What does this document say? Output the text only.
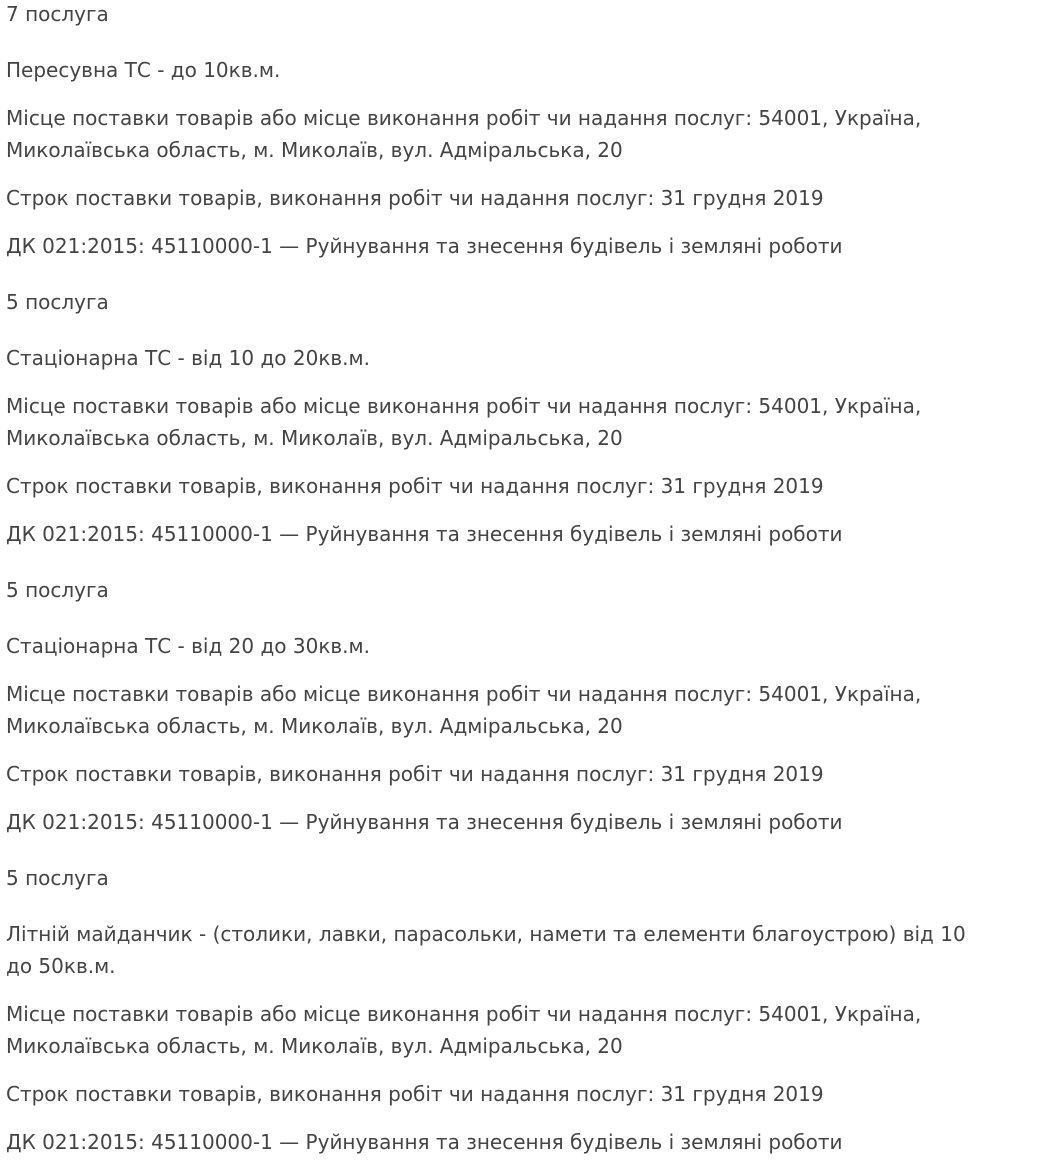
7 послуга

Пересувна ТС - до 10кв.м.

Місце поставки товарів або місце виконання робіт чи надання послуг: 54001, Україна, Миколаївська область, м. Миколаїв, вул. Адміральська, 20

Строк поставки товарів, виконання робіт чи надання послуг: 31 грудня 2019

ДК 021:2015: 45110000-1 — Руйнування та знесення будівель і земляні роботи

5 послуга

Стаціонарна ТС - від 10 до 20кв.м.

Місце поставки товарів або місце виконання робіт чи надання послуг: 54001, Україна, Миколаївська область, м. Миколаїв, вул. Адміральська, 20

Строк поставки товарів, виконання робіт чи надання послуг: 31 грудня 2019

ДК 021:2015: 45110000-1 — Руйнування та знесення будівель і земляні роботи

5 послуга

Стаціонарна ТС - від 20 до 30кв.м.

Місце поставки товарів або місце виконання робіт чи надання послуг: 54001, Україна, Миколаївська область, м. Миколаїв, вул. Адміральська, 20

Строк поставки товарів, виконання робіт чи надання послуг: 31 грудня 2019

ДК 021:2015: 45110000-1 — Руйнування та знесення будівель і земляні роботи

5 послуга

Літній майданчик - (столики, лавки, парасольки, намети та елементи благоустрою) від 10 до 50кв.м.

Місце поставки товарів або місце виконання робіт чи надання послуг: 54001, Україна, Миколаївська область, м. Миколаїв, вул. Адміральська, 20

Строк поставки товарів, виконання робіт чи надання послуг: 31 грудня 2019

ДК 021:2015: 45110000-1 — Руйнування та знесення будівель і земляні роботи
